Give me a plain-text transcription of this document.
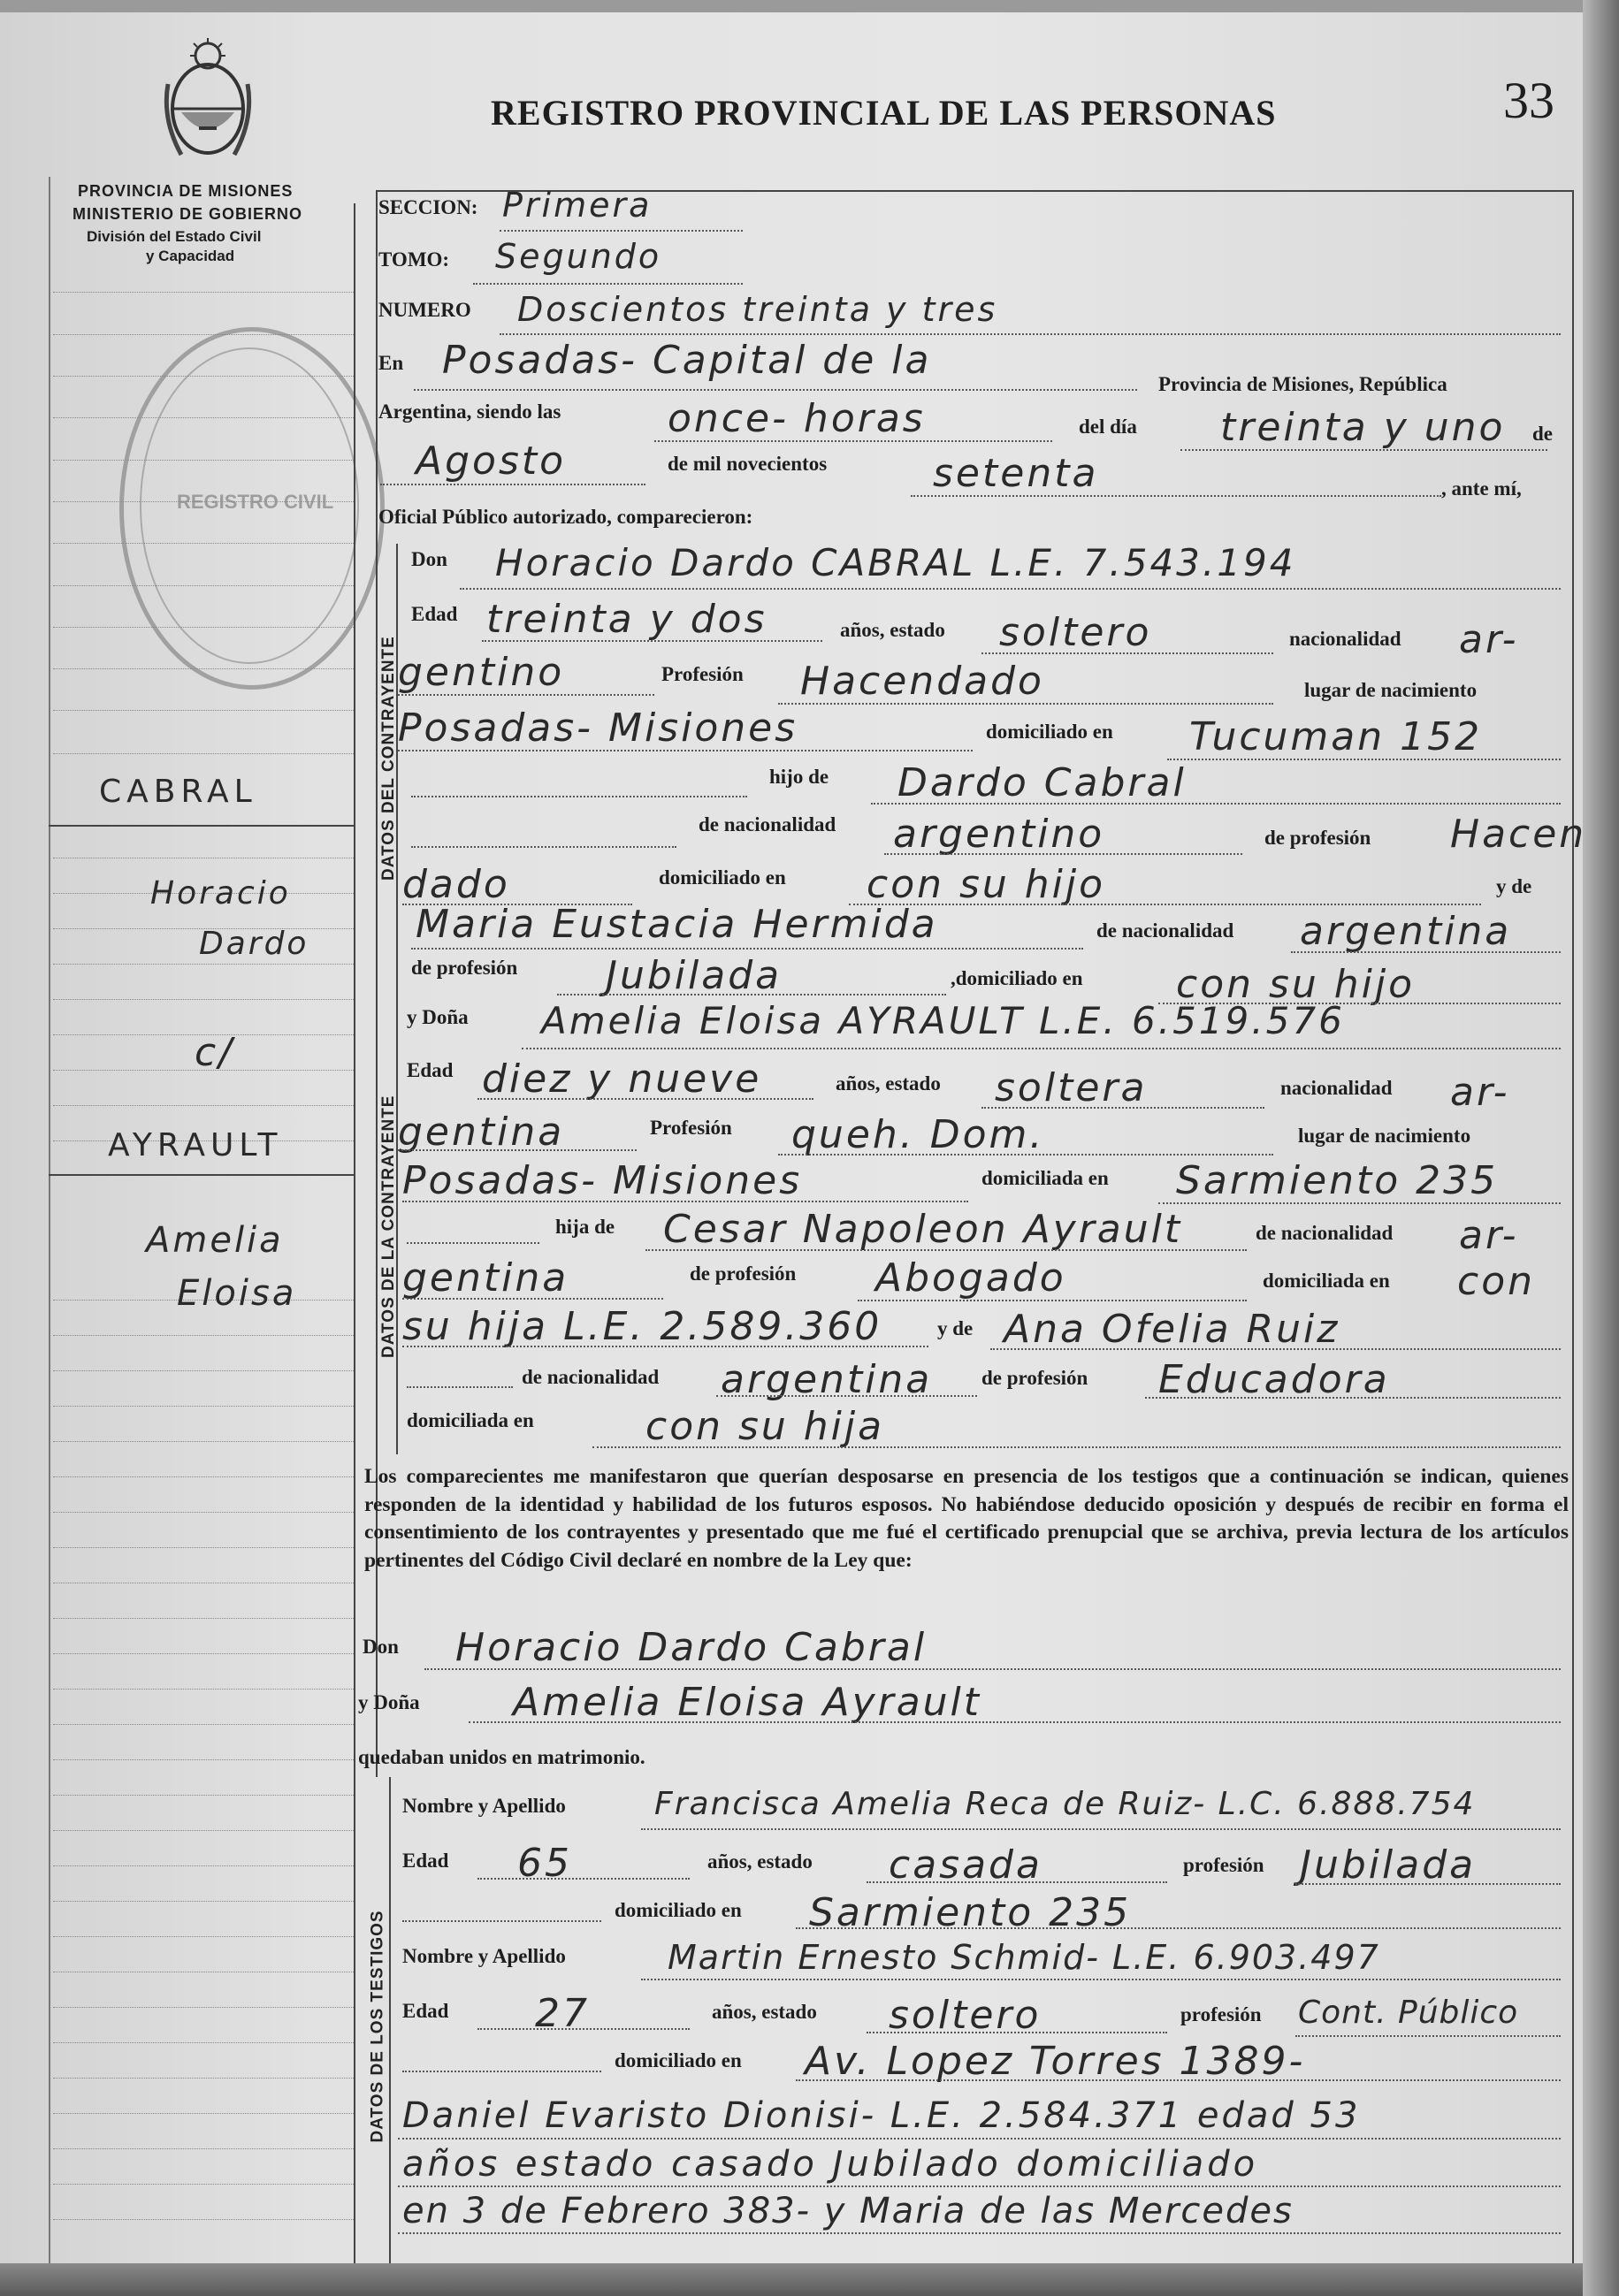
PROVINCIA DE MISIONES
MINISTERIO DE GOBIERNO
División del Estado Civil
y Capacidad
REGISTRO PROVINCIAL DE LAS PERSONAS	33
REGISTRO CIVIL
CABRAL
Horacio
Dardo
c/
AYRAULT
Amelia
Eloisa
DATOS DEL CONTRAYENTE
DATOS DE LA CONTRAYENTE
DATOS DE LOS TESTIGOS
SECCION: Primera
TOMO: Segundo
NUMERO Doscientos treinta y tres
En Posadas- Capital de la
Provincia de Misiones, República
Argentina, siendo las	once- horas	del día treinta y uno de
Agosto	de mil novecientos	setenta	, ante mí,
Oficial Público autorizado, comparecieron:
Don Horacio Dardo CABRAL L.E. 7.543.194
Edad treinta y dos	años, estado soltero	nacionalidad ar-
gentino	Profesión Hacendado	lugar de nacimiento
Posadas- Misiones	domiciliado en Tucuman 152
hijo de Dardo Cabral
de nacionalidad argentino	de profesión Hacen
dado	domiciliado en con su hijo	y de
Maria Eustacia Hermida	de nacionalidad argentina
de profesión Jubilada	,domiciliado en con su hijo
y Doña Amelia Eloisa AYRAULT L.E. 6.519.576
Edad diez y nueve	años, estado soltera	nacionalidad ar-
gentina	Profesión queh. Dom.	lugar de nacimiento
Posadas- Misiones	domiciliada en Sarmiento 235
hija de Cesar Napoleon Ayrault	de nacionalidad ar-
gentina	de profesión Abogado	domiciliada en con
su hija L.E. 2.589.360	y de Ana Ofelia Ruiz
de nacionalidad argentina de profesión Educadora
domiciliada en	con su hija
Los comparecientes me manifestaron que querían desposarse en presencia de los testigos que a continuación se indican, quienes responden de la identidad y habilidad de los futuros esposos. No habiéndose deducido oposición y después de recibir en forma el consentimiento de los contrayentes y presentado que me fué el certificado prenupcial que se archiva, previa lectura de los artículos pertinentes del Código Civil declaré en nombre de la Ley que:
Don Horacio Dardo Cabral
y Doña Amelia Eloisa Ayrault
quedaban unidos en matrimonio.
Nombre y Apellido	Francisca Amelia Reca de Ruiz- L.C. 6.888.754
Edad 65	años, estado casada	profesión Jubilada
domiciliado en Sarmiento 235
Nombre y Apellido	Martin Ernesto Schmid- L.E. 6.903.497
Edad 27	años, estado soltero	profesión Cont. Público
domiciliado en Av. Lopez Torres 1389-
Daniel Evaristo Dionisi- L.E. 2.584.371 edad 53
años estado casado Jubilado domiciliado
en 3 de Febrero 383- y Maria de las Mercedes
